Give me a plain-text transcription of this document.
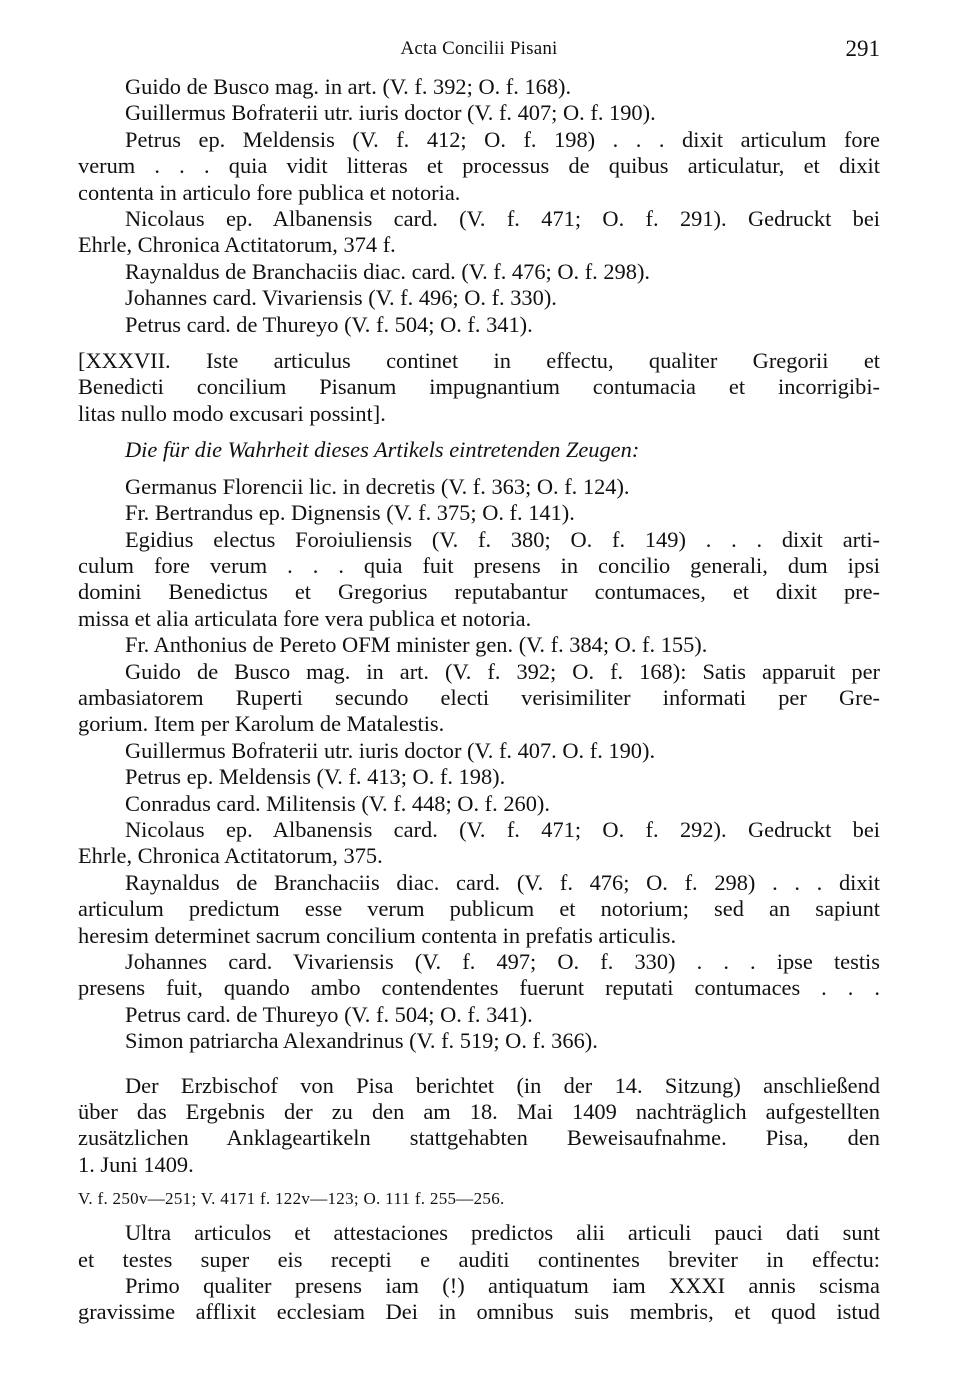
Acta Concilii Pisani	291
Guido de Busco mag. in art. (V. f. 392; O. f. 168).
Guillermus Bofraterii utr. iuris doctor (V. f. 407; O. f. 190).
Petrus ep. Meldensis (V. f. 412; O. f. 198) . . . dixit articulum fore
verum . . . quia vidit litteras et processus de quibus articulatur, et dixit
contenta in articulo fore publica et notoria.
Nicolaus ep. Albanensis card. (V. f. 471; O. f. 291). Gedruckt bei
Ehrle, Chronica Actitatorum, 374 f.
Raynaldus de Branchaciis diac. card. (V. f. 476; O. f. 298).
Johannes card. Vivariensis (V. f. 496; O. f. 330).
Petrus card. de Thureyo (V. f. 504; O. f. 341).
[XXXVII. Iste articulus continet in effectu, qualiter Gregorii et
Benedicti concilium Pisanum impugnantium contumacia et incorrigibi-
litas nullo modo excusari possint].
Die für die Wahrheit dieses Artikels eintretenden Zeugen:
Germanus Florencii lic. in decretis (V. f. 363; O. f. 124).
Fr. Bertrandus ep. Dignensis (V. f. 375; O. f. 141).
Egidius electus Foroiuliensis (V. f. 380; O. f. 149) . . . dixit arti-
culum fore verum . . . quia fuit presens in concilio generali, dum ipsi
domini Benedictus et Gregorius reputabantur contumaces, et dixit pre-
missa et alia articulata fore vera publica et notoria.
Fr. Anthonius de Pereto OFM minister gen. (V. f. 384; O. f. 155).
Guido de Busco mag. in art. (V. f. 392; O. f. 168): Satis apparuit per
ambasiatorem Ruperti secundo electi verisimiliter informati per Gre-
gorium. Item per Karolum de Matalestis.
Guillermus Bofraterii utr. iuris doctor (V. f. 407. O. f. 190).
Petrus ep. Meldensis (V. f. 413; O. f. 198).
Conradus card. Militensis (V. f. 448; O. f. 260).
Nicolaus ep. Albanensis card. (V. f. 471; O. f. 292). Gedruckt bei
Ehrle, Chronica Actitatorum, 375.
Raynaldus de Branchaciis diac. card. (V. f. 476; O. f. 298) . . . dixit
articulum predictum esse verum publicum et notorium; sed an sapiunt
heresim determinet sacrum concilium contenta in prefatis articulis.
Johannes card. Vivariensis (V. f. 497; O. f. 330) . . . ipse testis
presens fuit, quando ambo contendentes fuerunt reputati contumaces . . .
Petrus card. de Thureyo (V. f. 504; O. f. 341).
Simon patriarcha Alexandrinus (V. f. 519; O. f. 366).
Der Erzbischof von Pisa berichtet (in der 14. Sitzung) anschließend
über das Ergebnis der zu den am 18. Mai 1409 nachträglich aufgestellten
zusätzlichen Anklageartikeln stattgehabten Beweisaufnahme. Pisa, den
1. Juni 1409.
V. f. 250v—251; V. 4171 f. 122v—123; O. 111 f. 255—256.
Ultra articulos et attestaciones predictos alii articuli pauci dati sunt
et testes super eis recepti e auditi continentes breviter in effectu:
Primo qualiter presens iam (!) antiquatum iam XXXI annis scisma
gravissime afflixit ecclesiam Dei in omnibus suis membris, et quod istud
